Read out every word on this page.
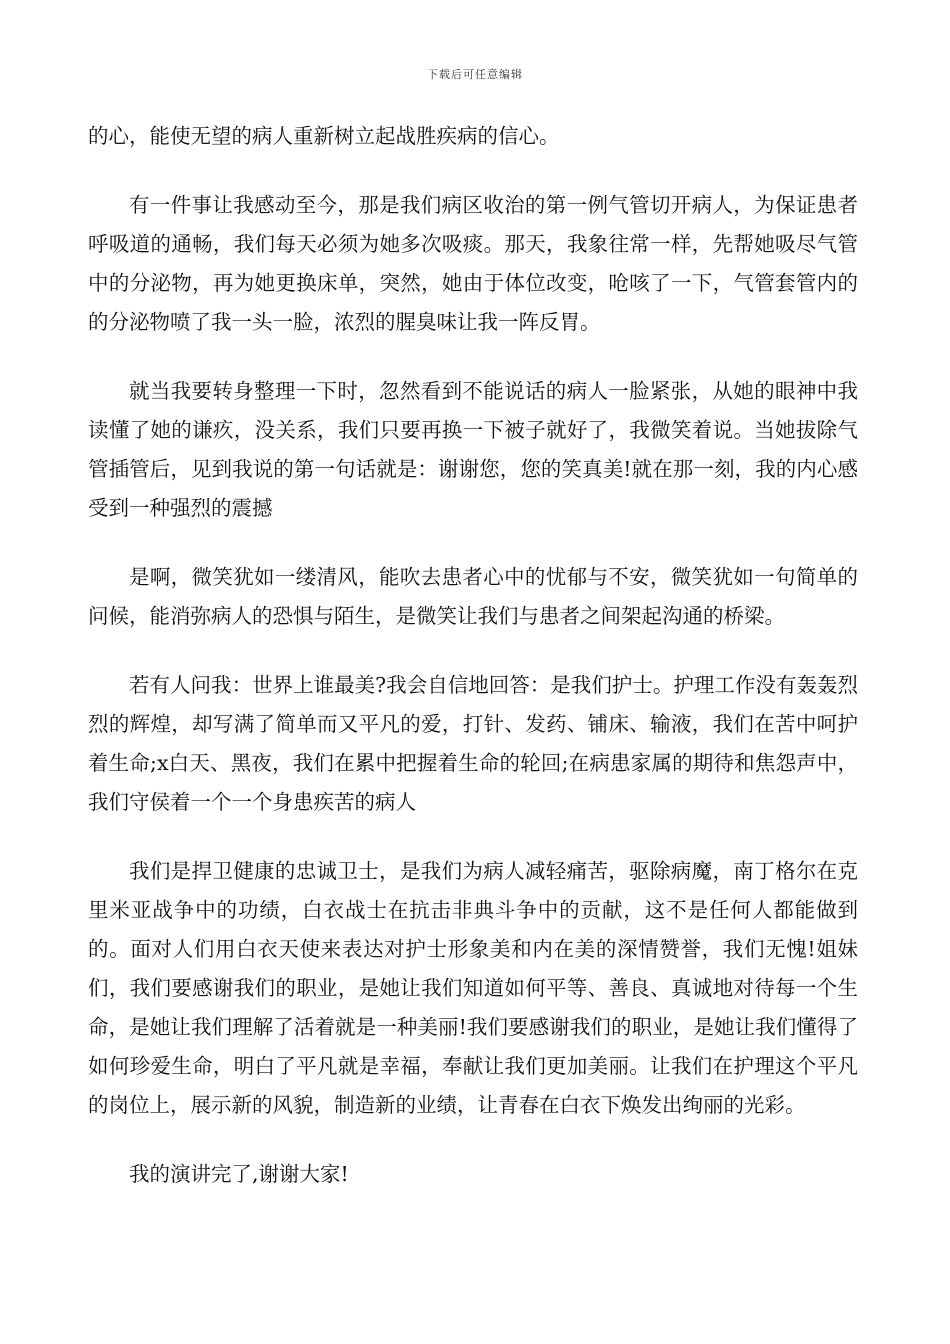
下载后可任意编辑

的心，能使无望的病人重新树立起战胜疾病的信心。

有一件事让我感动至今，那是我们病区收治的第一例气管切开病人，为保证患者呼吸道的通畅，我们每天必须为她多次吸痰。那天，我象往常一样，先帮她吸尽气管中的分泌物，再为她更换床单，突然，她由于体位改变，呛咳了一下，气管套管内的的分泌物喷了我一头一脸，浓烈的腥臭味让我一阵反胃。

就当我要转身整理一下时，忽然看到不能说话的病人一脸紧张，从她的眼神中我读懂了她的谦疚，没关系，我们只要再换一下被子就好了，我微笑着说。当她拔除气管插管后，见到我说的第一句话就是：谢谢您，您的笑真美!就在那一刻，我的内心感受到一种强烈的震撼

是啊，微笑犹如一缕清风，能吹去患者心中的忧郁与不安，微笑犹如一句简单的问候，能消弥病人的恐惧与陌生，是微笑让我们与患者之间架起沟通的桥梁。

若有人问我：世界上谁最美?我会自信地回答：是我们护士。护理工作没有轰轰烈烈的辉煌，却写满了简单而又平凡的爱，打针、发药、铺床、输液，我们在苦中呵护着生命;x白天、黑夜，我们在累中把握着生命的轮回;在病患家属的期待和焦怨声中，我们守侯着一个一个身患疾苦的病人

我们是捍卫健康的忠诚卫士，是我们为病人减轻痛苦，驱除病魔，南丁格尔在克里米亚战争中的功绩，白衣战士在抗击非典斗争中的贡献，这不是任何人都能做到的。面对人们用白衣天使来表达对护士形象美和内在美的深情赞誉，我们无愧!姐妹们，我们要感谢我们的职业，是她让我们知道如何平等、善良、真诚地对待每一个生命，是她让我们理解了活着就是一种美丽!我们要感谢我们的职业，是她让我们懂得了如何珍爱生命，明白了平凡就是幸福，奉献让我们更加美丽。让我们在护理这个平凡的岗位上，展示新的风貌，制造新的业绩，让青春在白衣下焕发出绚丽的光彩。

我的演讲完了,谢谢大家!
